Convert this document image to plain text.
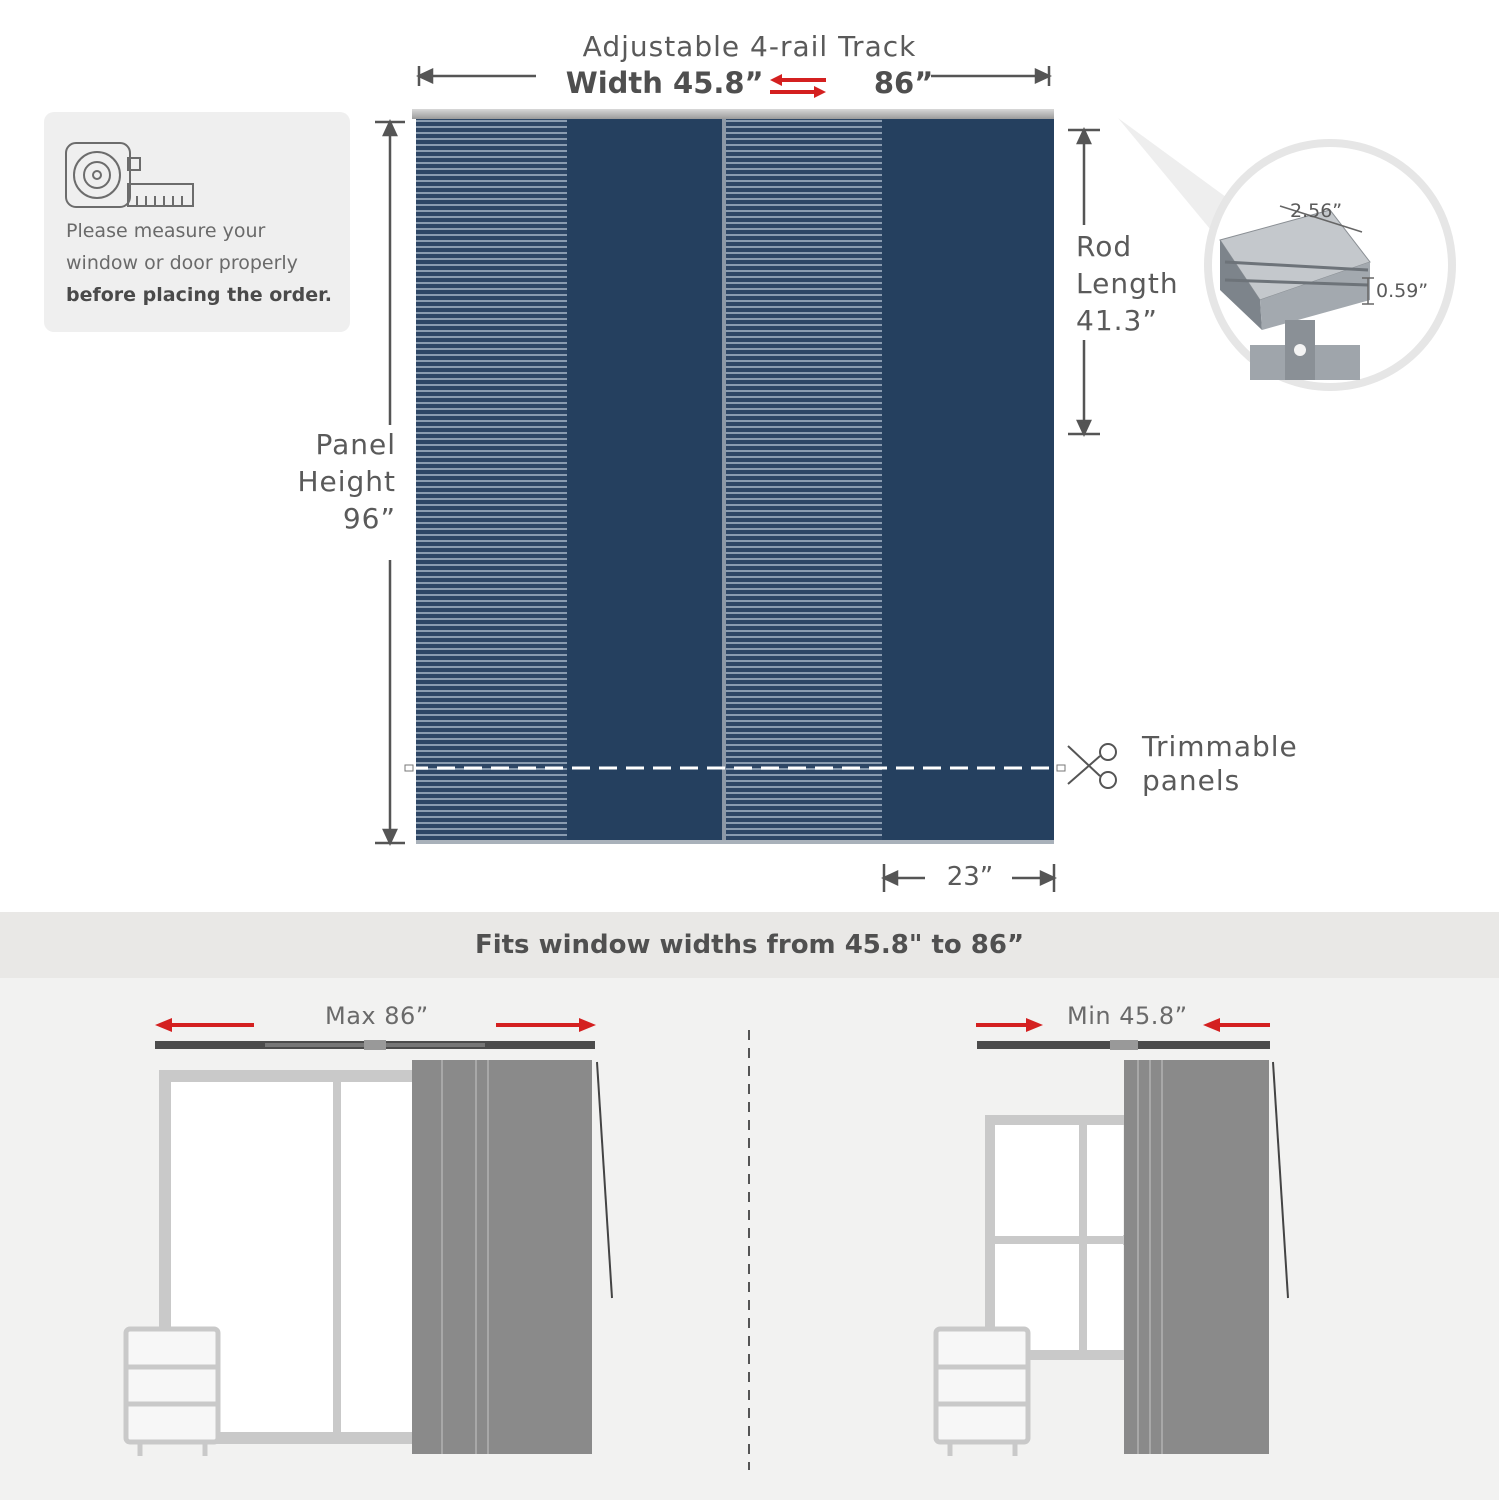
Adjustable 4-rail Track
Width 45.8”	86”
Please measure your
window or door properly
before placing the order.
Panel
Height
96”
Rod
Length
41.3”
23”
2.56”
0.59”
Trimmable
panels
Fits window widths from 45.8" to 86”
Max 86”	Min 45.8”
